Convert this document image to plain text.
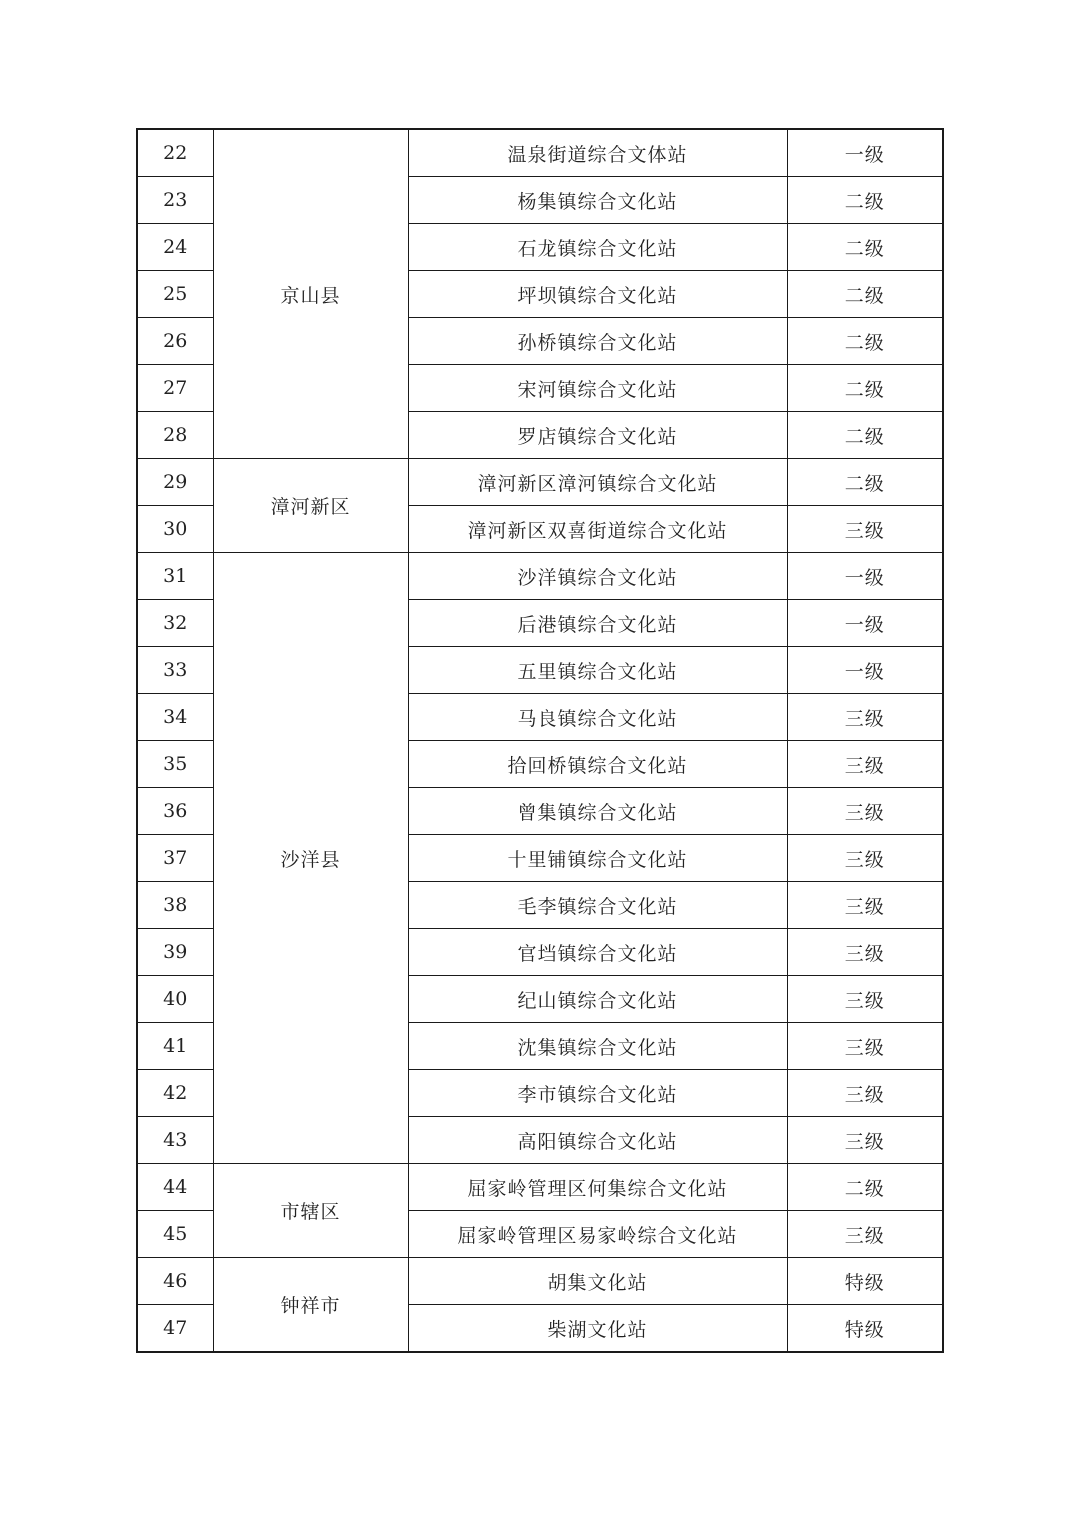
22	京山县	温泉街道综合文体站	一级
23		杨集镇综合文化站	二级
24		石龙镇综合文化站	二级
25		坪坝镇综合文化站	二级
26		孙桥镇综合文化站	二级
27		宋河镇综合文化站	二级
28		罗店镇综合文化站	二级
29	漳河新区	漳河新区漳河镇综合文化站	二级
30		漳河新区双喜街道综合文化站	三级
31	沙洋县	沙洋镇综合文化站	一级
32		后港镇综合文化站	一级
33		五里镇综合文化站	一级
34		马良镇综合文化站	三级
35		拾回桥镇综合文化站	三级
36		曾集镇综合文化站	三级
37		十里铺镇综合文化站	三级
38		毛李镇综合文化站	三级
39		官垱镇综合文化站	三级
40		纪山镇综合文化站	三级
41		沈集镇综合文化站	三级
42		李市镇综合文化站	三级
43		高阳镇综合文化站	三级
44	市辖区	屈家岭管理区何集综合文化站	二级
45		屈家岭管理区易家岭综合文化站	三级
46	钟祥市	胡集文化站	特级
47		柴湖文化站	特级
